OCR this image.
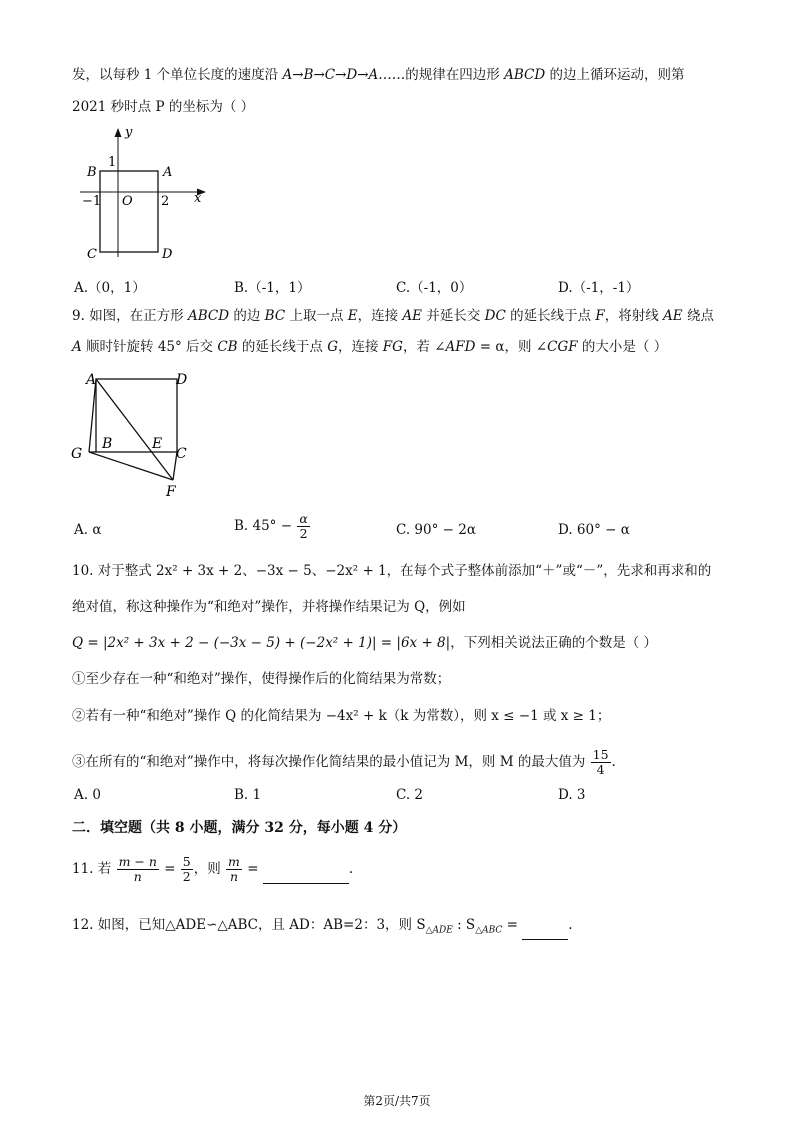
发，以每秒 1 个单位长度的速度沿 A→B→C→D→A……的规律在四边形 ABCD 的边上循环运动，则第
2021 秒时点 P 的坐标为（ ）
y
x
1
B	A
−1 O 2
C	D
A.（0，1）	B.（-1，1）	C.（-1，0）	D.（-1，-1）
9. 如图，在正方形 ABCD 的边 BC 上取一点 E，连接 AE 并延长交 DC 的延长线于点 F，将射线 AE 绕点
A 顺时针旋转 45° 后交 CB 的延长线于点 G，连接 FG，若 ∠AFD = α，则 ∠CGF 的大小是（ ）
A	D
B	E
C
G
F
A. α	B. $45^\circ - \frac{\alpha}{2}$	C. 90° − 2α	D. 60° − α
10. 对于整式 2x² + 3x + 2、−3x − 5、−2x² + 1，在每个式子整体前添加“＋”或“－”，先求和再求和的
绝对值，称这种操作为“和绝对”操作，并将操作结果记为 Q，例如
Q = |2x² + 3x + 2 − (−3x − 5) + (−2x² + 1)| = |6x + 8|，下列相关说法正确的个数是（ ）
①至少存在一种“和绝对”操作，使得操作后的化简结果为常数；
②若有一种“和绝对”操作 Q 的化简结果为 −4x² + k（k 为常数），则 x ≤ −1 或 x ≥ 1；
③在所有的“和绝对”操作中，将每次操作化简结果的最小值记为 M，则 M 的最大值为 $\frac{15}{4}$ .
A. 0	B. 1	C. 2	D. 3
二．填空题（共 8 小题，满分 32 分，每小题 4 分）
11. 若 $\frac{m - n}{n} = \frac{5}{2}$ ，则 $\frac{m}{n}$ =	.
12. 如图，已知△ADE∽△ABC，且 AD：AB=2：3，则 $S_{\triangle ADE}$ : $S_{\triangle ABC}$ =	.
第2页/共7页
